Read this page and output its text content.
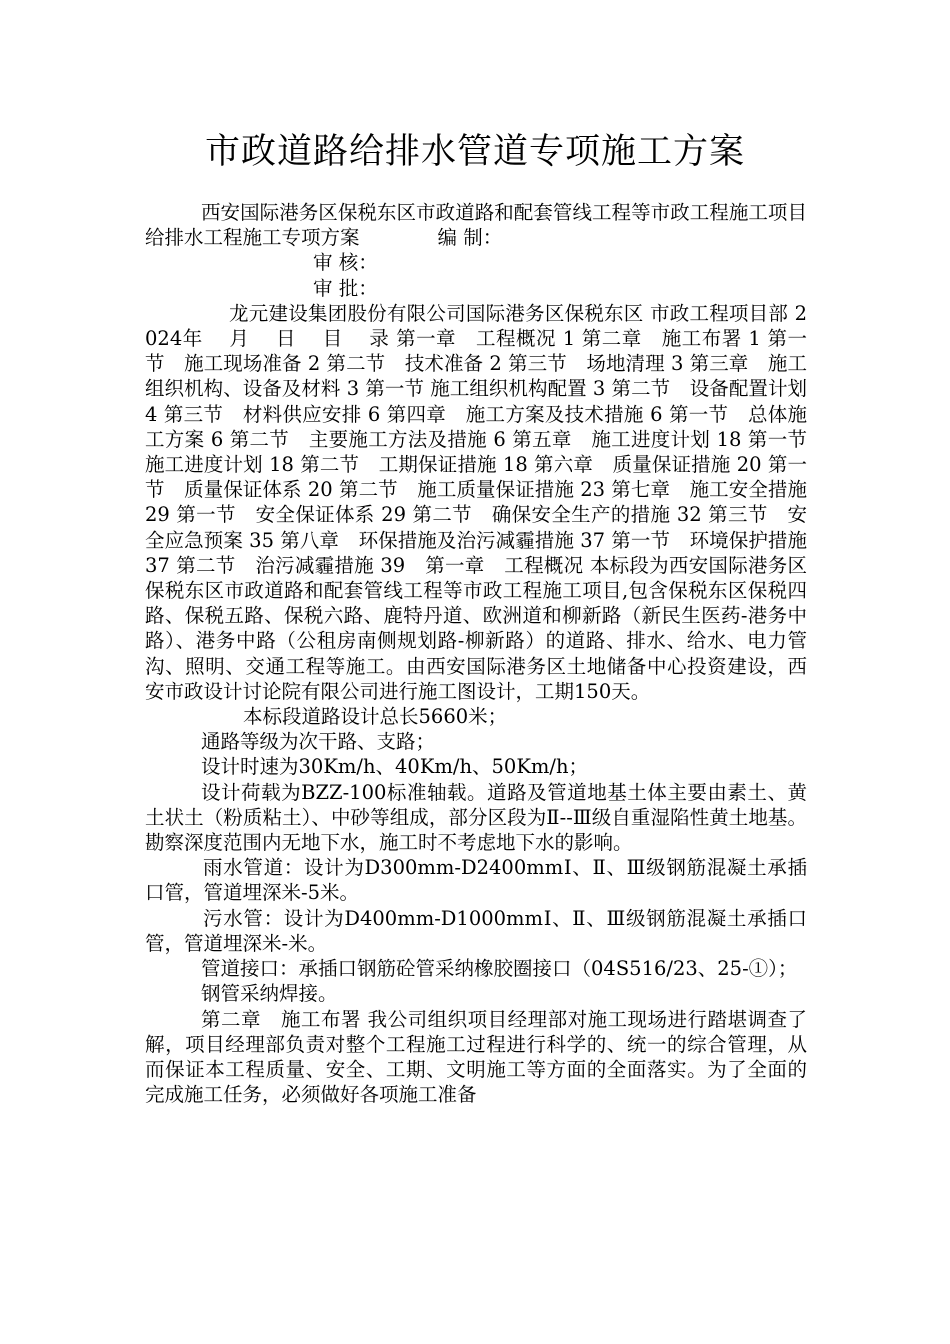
市政道路给排水管道专项施工方案

西安国际港务区保税东区市政道路和配套管线工程等市政工程施工项目　 给排水工程施工专项方案　　　　编 制：

审 核：

审 批：

龙元建设集团股份有限公司国际港务区保税东区 市政工程项目部 2024年　 月　 日　 目　 录 第一章　工程概况 1 第二章　施工布署 1 第一节　施工现场准备 2 第二节　技术准备 2 第三节　场地清理 3 第三章　施工组织机构、设备及材料 3 第一节 施工组织机构配置 3 第二节　设备配置计划 4 第三节　材料供应安排 6 第四章　施工方案及技术措施 6 第一节　总体施工方案 6 第二节　主要施工方法及措施 6 第五章　施工进度计划 18 第一节 施工进度计划 18 第二节　工期保证措施 18 第六章　质量保证措施 20 第一节　质量保证体系 20 第二节　施工质量保证措施 23 第七章　施工安全措施 29 第一节　安全保证体系 29 第二节　确保安全生产的措施 32 第三节　安全应急预案 35 第八章　环保措施及治污减霾措施 37 第一节　环境保护措施 37 第二节　治污减霾措施 39　第一章　工程概况 本标段为西安国际港务区保税东区市政道路和配套管线工程等市政工程施工项目,包含保税东区保税四路、保税五路、保税六路、鹿特丹道、欧洲道和柳新路（新民生医药-港务中路）、港务中路（公租房南侧规划路-柳新路）的道路、排水、给水、电力管沟、照明、交通工程等施工。由西安国际港务区土地储备中心投资建设，西安市政设计讨论院有限公司进行施工图设计，工期150天。

本标段道路设计总长5660米；

通路等级为次干路、支路；

设计时速为30Km/h、40Km/h、50Km/h；

设计荷载为BZZ-100标准轴载。道路及管道地基土体主要由素土、黄土状土（粉质粘土）、中砂等组成，部分区段为Ⅱ--Ⅲ级自重湿陷性黄土地基。勘察深度范围内无地下水，施工时不考虑地下水的影响。

雨水管道：设计为D300mm-D2400mmⅠ、Ⅱ、Ⅲ级钢筋混凝土承插口管，管道埋深米-5米。

污水管：设计为D400mm-D1000mmⅠ、Ⅱ、Ⅲ级钢筋混凝土承插口管，管道埋深米-米。

管道接口：承插口钢筋砼管采纳橡胶圈接口（04S516/23、25-①）；

钢管采纳焊接。

第二章　施工布署 我公司组织项目经理部对施工现场进行踏堪调查了解，项目经理部负责对整个工程施工过程进行科学的、统一的综合管理，从而保证本工程质量、安全、工期、文明施工等方面的全面落实。为了全面的完成施工任务，必须做好各项施工准备
